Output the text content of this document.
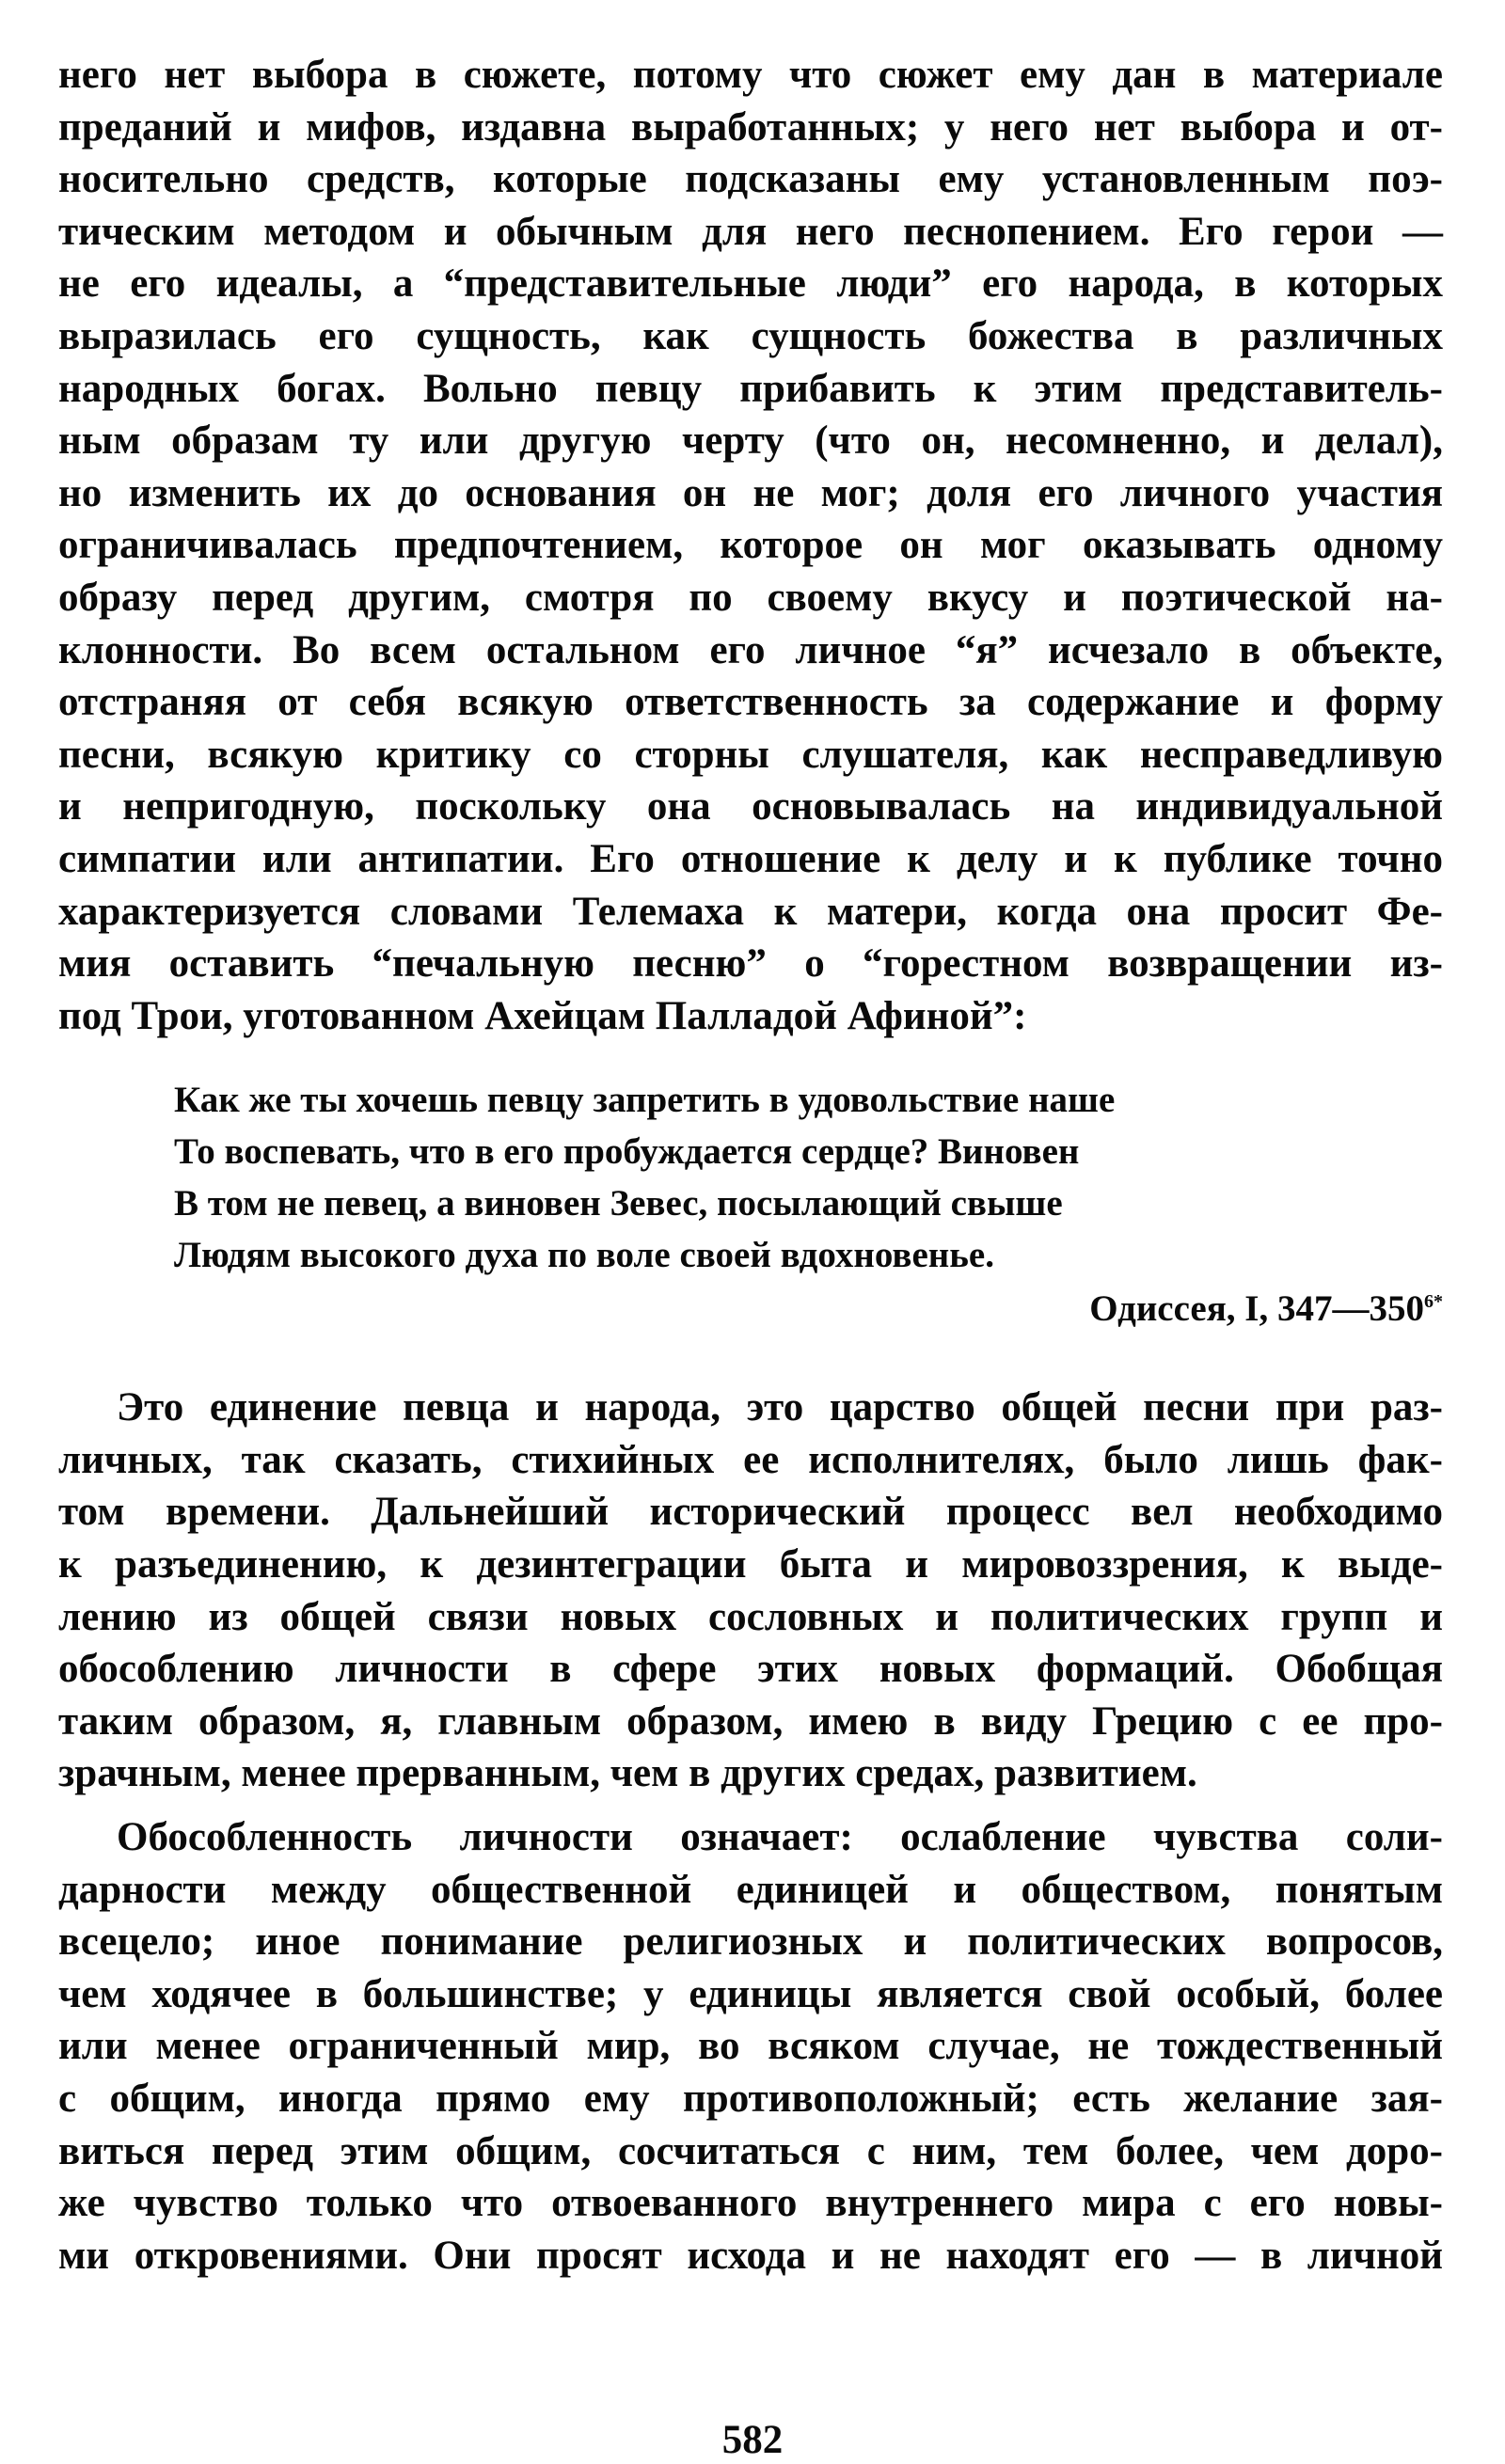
него нет выбора в сюжете, потому что сюжет ему дан в материале
преданий и мифов, издавна выработанных; у него нет выбора и от-
носительно средств, которые подсказаны ему установленным поэ-
тическим методом и обычным для него песнопением. Его герои —
не его идеалы, а “представительные люди” его народа, в которых
выразилась его сущность, как сущность божества в различных
народных богах. Вольно певцу прибавить к этим представитель-
ным образам ту или другую черту (что он, несомненно, и делал),
но изменить их до основания он не мог; доля его личного участия
ограничивалась предпочтением, которое он мог оказывать одному
образу перед другим, смотря по своему вкусу и поэтической на-
клонности. Во всем остальном его личное “я” исчезало в объекте,
отстраняя от себя всякую ответственность за содержание и форму
песни, всякую критику со сторны слушателя, как несправедливую
и непригодную, поскольку она основывалась на индивидуальной
симпатии или антипатии. Его отношение к делу и к публике точно
характеризуется словами Телемаха к матери, когда она просит Фе-
мия оставить “печальную песню” о “горестном возвращении из-
под Трои, уготованном Ахейцам Палладой Афиной”:

Как же ты хочешь певцу запретить в удовольствие наше
То воспевать, что в его пробуждается сердце? Виновен
В том не певец, а виновен Зевес, посылающий свыше
Людям высокого духа по воле своей вдохновенье.
Одиссея, I, $347—350^{6*}$

Это единение певца и народа, это царство общей песни при раз-
личных, так сказать, стихийных ее исполнителях, было лишь фак-
том времени. Дальнейший исторический процесс вел необходимо
к разъединению, к дезинтеграции быта и мировоззрения, к выде-
лению из общей связи новых сословных и политических групп и
обособлению личности в сфере этих новых формаций. Обобщая
таким образом, я, главным образом, имею в виду Грецию с ее про-
зрачным, менее прерванным, чем в других средах, развитием.

Обособленность личности означает: ослабление чувства соли-
дарности между общественной единицей и обществом, понятым
всецело; иное понимание религиозных и политических вопросов,
чем ходячее в большинстве; у единицы является свой особый, более
или менее ограниченный мир, во всяком случае, не тождественный
с общим, иногда прямо ему противоположный; есть желание зая-
виться перед этим общим, сосчитаться с ним, тем более, чем доро-
же чувство только что отвоеванного внутреннего мира с его новы-
ми откровениями. Они просят исхода и не находят его — в личной

582
